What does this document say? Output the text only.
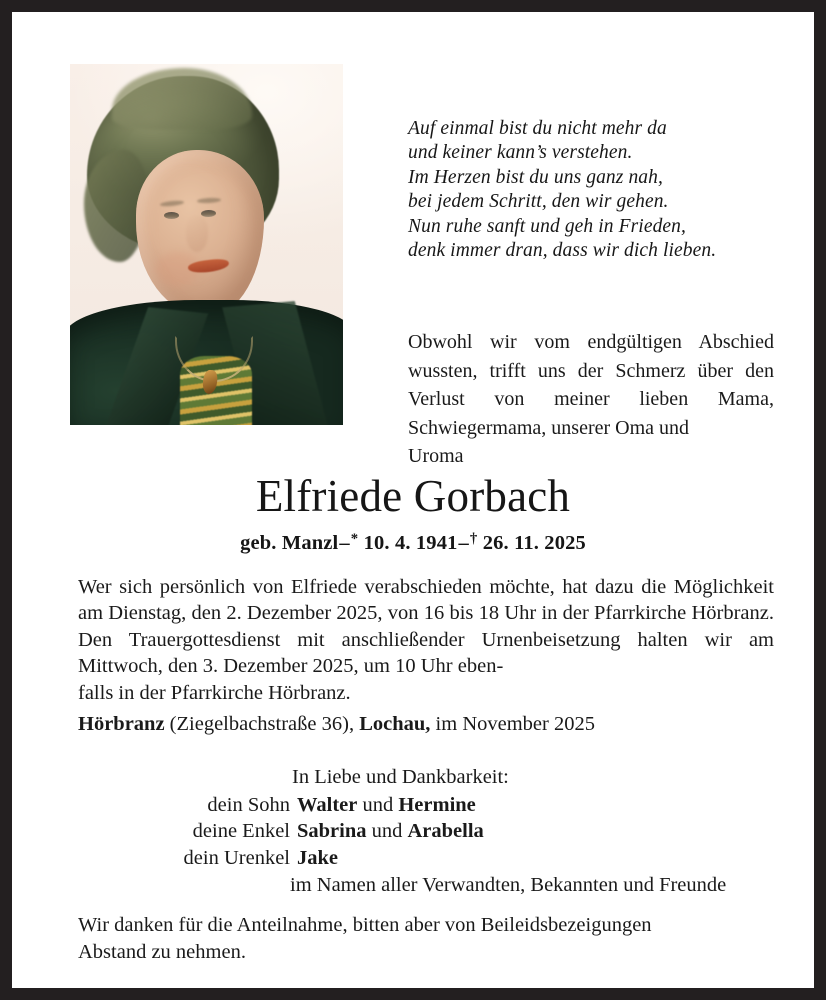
Auf einmal bist du nicht mehr da
und keiner kann’s verstehen.
Im Herzen bist du uns ganz nah,
bei jedem Schritt, den wir gehen.
Nun ruhe sanft und geh in Frieden,
denk immer dran, dass wir dich lieben.
Obwohl wir vom endgültigen Abschied wussten, trifft uns der Schmerz über den Verlust von meiner lieben Mama, Schwiegermama, unserer Oma und
Uroma
Elfriede Gorbach
geb. Manzl–* 10. 4. 1941–† 26. 11. 2025
Wer sich persönlich von Elfriede verabschieden möchte, hat dazu die Möglichkeit am Dienstag, den 2. Dezember 2025, von 16 bis 18 Uhr in der Pfarrkirche Hörbranz. Den Trauergottesdienst mit anschließender Urnenbeisetzung halten wir am Mittwoch, den 3. Dezember 2025, um 10 Uhr eben-
falls in der Pfarrkirche Hörbranz.
Hörbranz (Ziegelbachstraße 36), Lochau, im November 2025
In Liebe und Dankbarkeit:
dein Sohn Walter und Hermine
deine Enkel Sabrina und Arabella
dein Urenkel Jake
im Namen aller Verwandten, Bekannten und Freunde
Wir danken für die Anteilnahme, bitten aber von Beileidsbezeigungen
Abstand zu nehmen.
